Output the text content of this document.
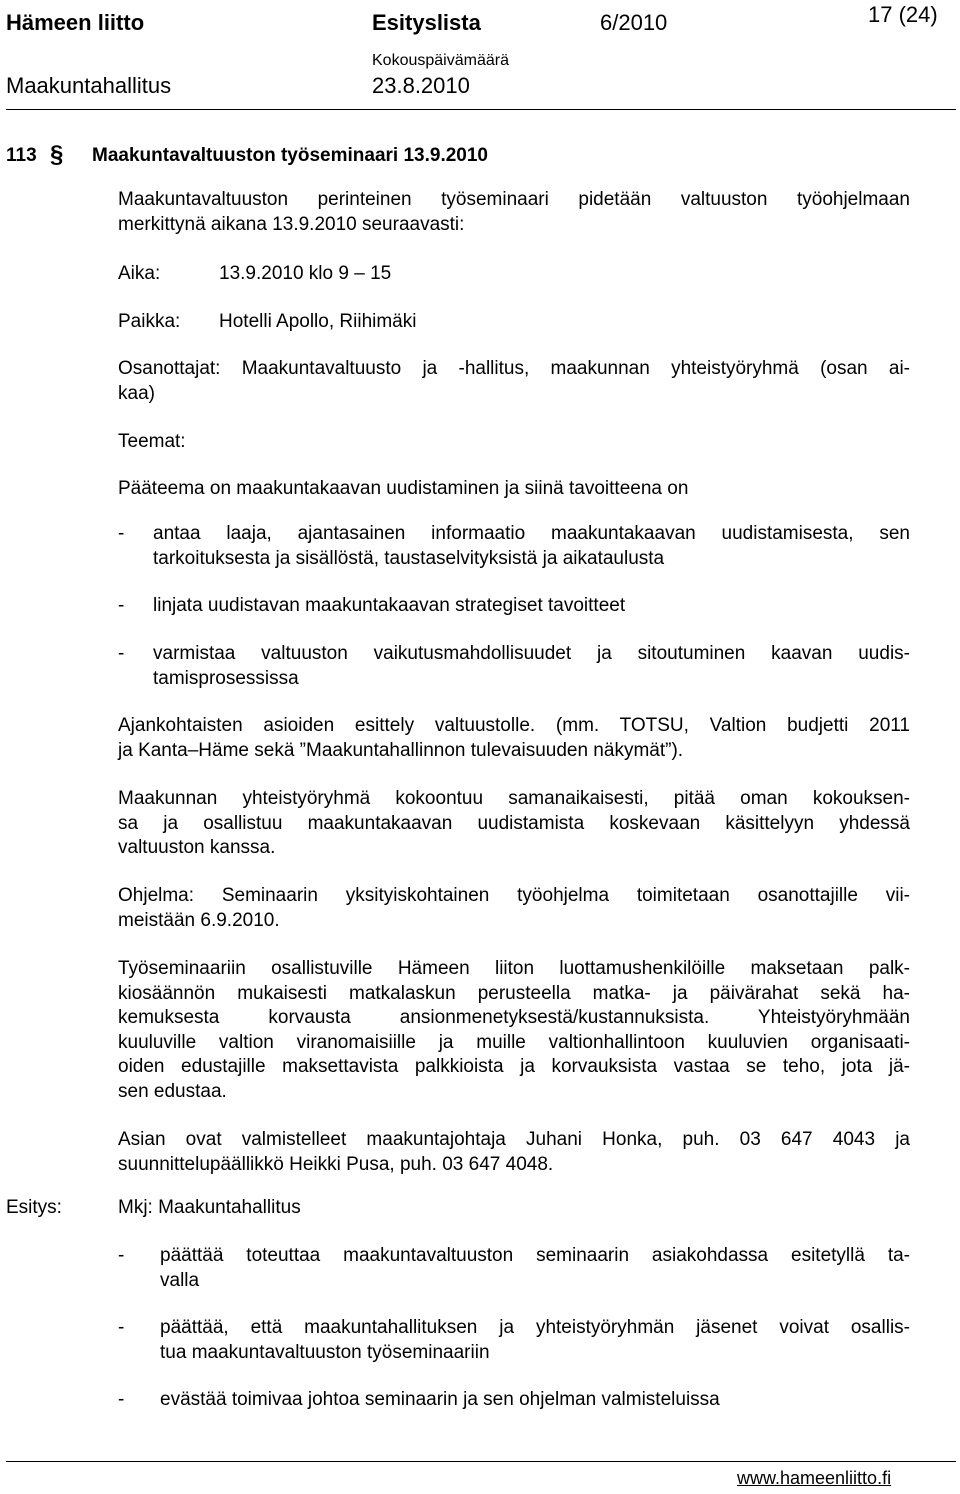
Hämeen liitto	Esityslista	6/2010	17 (24)
Kokouspäivämäärä
Maakuntahallitus	23.8.2010
113 § Maakuntavaltuuston työseminaari 13.9.2010
Maakuntavaltuuston perinteinen työseminaari pidetään valtuuston työohjelmaan
merkittynä aikana 13.9.2010 seuraavasti:
Aika:	13.9.2010 klo 9 – 15
Paikka: Hotelli Apollo, Riihimäki
Osanottajat: Maakuntavaltuusto ja -hallitus, maakunnan yhteistyöryhmä (osan ai-
kaa)
Teemat:
Pääteema on maakuntakaavan uudistaminen ja siinä tavoitteena on
- antaa laaja, ajantasainen informaatio maakuntakaavan uudistamisesta, sen
tarkoituksesta ja sisällöstä, taustaselvityksistä ja aikataulusta
- linjata uudistavan maakuntakaavan strategiset tavoitteet
- varmistaa valtuuston vaikutusmahdollisuudet ja sitoutuminen kaavan uudis-
tamisprosessissa
Ajankohtaisten asioiden esittely valtuustolle. (mm. TOTSU, Valtion budjetti 2011
ja Kanta–Häme sekä ”Maakuntahallinnon tulevaisuuden näkymät”).
Maakunnan yhteistyöryhmä kokoontuu samanaikaisesti, pitää oman kokouksen-
sa ja osallistuu maakuntakaavan uudistamista koskevaan käsittelyyn yhdessä
valtuuston kanssa.
Ohjelma: Seminaarin yksityiskohtainen työohjelma toimitetaan osanottajille vii-
meistään 6.9.2010.
Työseminaariin osallistuville Hämeen liiton luottamushenkilöille maksetaan palk-
kiosäännön mukaisesti matkalaskun perusteella matka- ja päivärahat sekä ha-
kemuksesta korvausta ansionmenetyksestä/kustannuksista. Yhteistyöryhmään
kuuluville valtion viranomaisiille ja muille valtionhallintoon kuuluvien organisaati-
oiden edustajille maksettavista palkkioista ja korvauksista vastaa se teho, jota jä-
sen edustaa.
Asian ovat valmistelleet maakuntajohtaja Juhani Honka, puh. 03 647 4043 ja
suunnittelupäällikkö Heikki Pusa, puh. 03 647 4048.
Esitys:	Mkj: Maakuntahallitus
- päättää toteuttaa maakuntavaltuuston seminaarin asiakohdassa esitetyllä ta-
valla
- päättää, että maakuntahallituksen ja yhteistyöryhmän jäsenet voivat osallis-
tua maakuntavaltuuston työseminaariin
- evästää toimivaa johtoa seminaarin ja sen ohjelman valmisteluissa
www.hameenliitto.fi
